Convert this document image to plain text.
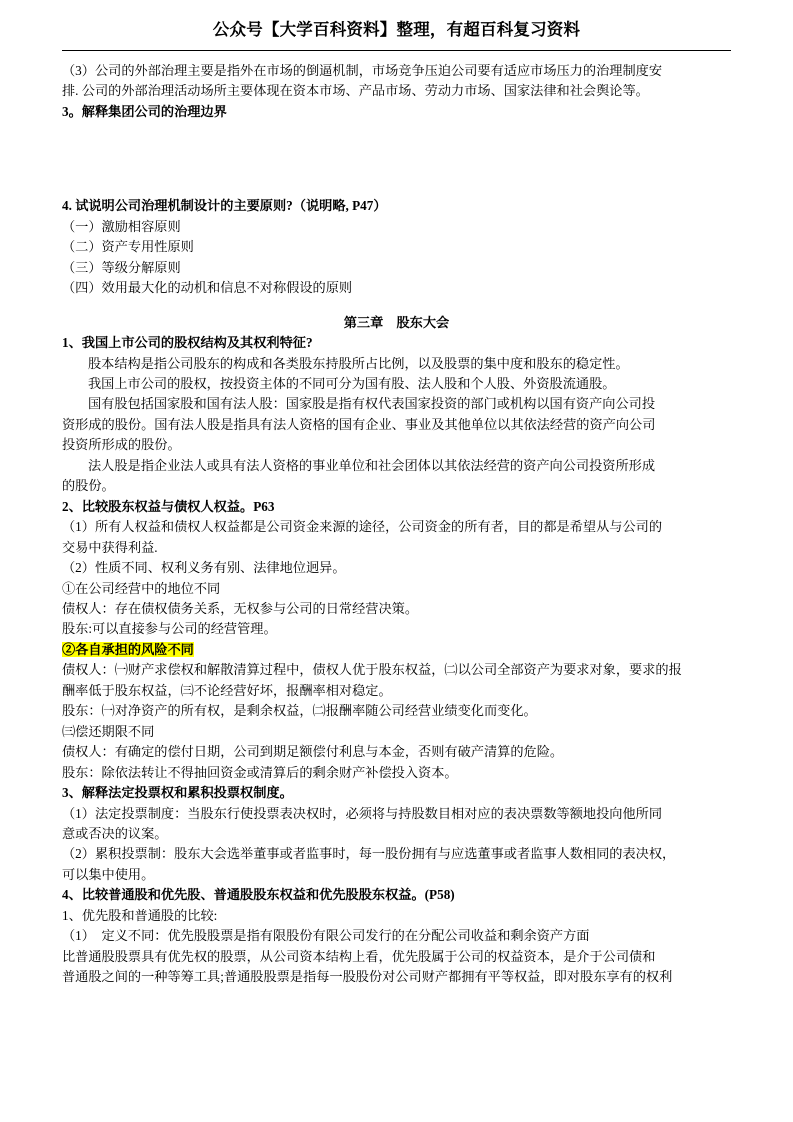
公众号【大学百科资料】整理，有超百科复习资料

（3）公司的外部治理主要是指外在市场的倒逼机制，市场竞争压迫公司要有适应市场压力的治理制度安

排. 公司的外部治理活动场所主要体现在资本市场、产品市场、劳动力市场、国家法律和社会舆论等。

3。解释集团公司的治理边界

4. 试说明公司治理机制设计的主要原则?（说明略, P47）

（一）激励相容原则

（二）资产专用性原则

（三）等级分解原则

（四）效用最大化的动机和信息不对称假设的原则

第三章　股东大会

1、我国上市公司的股权结构及其权利特征?

股本结构是指公司股东的构成和各类股东持股所占比例，以及股票的集中度和股东的稳定性。

我国上市公司的股权，按投资主体的不同可分为国有股、法人股和个人股、外资股流通股。

国有股包括国家股和国有法人股：国家股是指有权代表国家投资的部门或机构以国有资产向公司投

资形成的股份。国有法人股是指具有法人资格的国有企业、事业及其他单位以其依法经营的资产向公司

投资所形成的股份。

法人股是指企业法人或具有法人资格的事业单位和社会团体以其依法经营的资产向公司投资所形成

的股份。

2、比较股东权益与债权人权益。P63

（1）所有人权益和债权人权益都是公司资金来源的途径，公司资金的所有者，目的都是希望从与公司的

交易中获得利益.

（2）性质不同、权利义务有别、法律地位迥异。

①在公司经营中的地位不同

债权人：存在债权债务关系，无权参与公司的日常经营决策。

股东:可以直接参与公司的经营管理。

②各自承担的风险不同

债权人：㈠财产求偿权和解散清算过程中，债权人优于股东权益，㈡以公司全部资产为要求对象，要求的报

酬率低于股东权益，㈢不论经营好坏，报酬率相对稳定。

股东：㈠对净资产的所有权，是剩余权益，㈡报酬率随公司经营业绩变化而变化。

㈢偿还期限不同

债权人：有确定的偿付日期，公司到期足额偿付利息与本金，否则有破产清算的危险。

股东：除依法转让不得抽回资金或清算后的剩余财产补偿投入资本。

3、解释法定投票权和累积投票权制度。

（1）法定投票制度：当股东行使投票表决权时，必须将与持股数目相对应的表决票数等额地投向他所同

意或否决的议案。

（2）累积投票制：股东大会选举董事或者监事时，每一股份拥有与应选董事或者监事人数相同的表决权，

可以集中使用。

4、比较普通股和优先股、普通股股东权益和优先股股东权益。(P58)

1、优先股和普通股的比较:

（1）　定义不同：优先股股票是指有限股份有限公司发行的在分配公司收益和剩余资产方面

比普通股股票具有优先权的股票，从公司资本结构上看，优先股属于公司的权益资本，是介于公司债和

普通股之间的一种等筹工具;普通股股票是指每一股股份对公司财产都拥有平等权益，即对股东享有的权利
